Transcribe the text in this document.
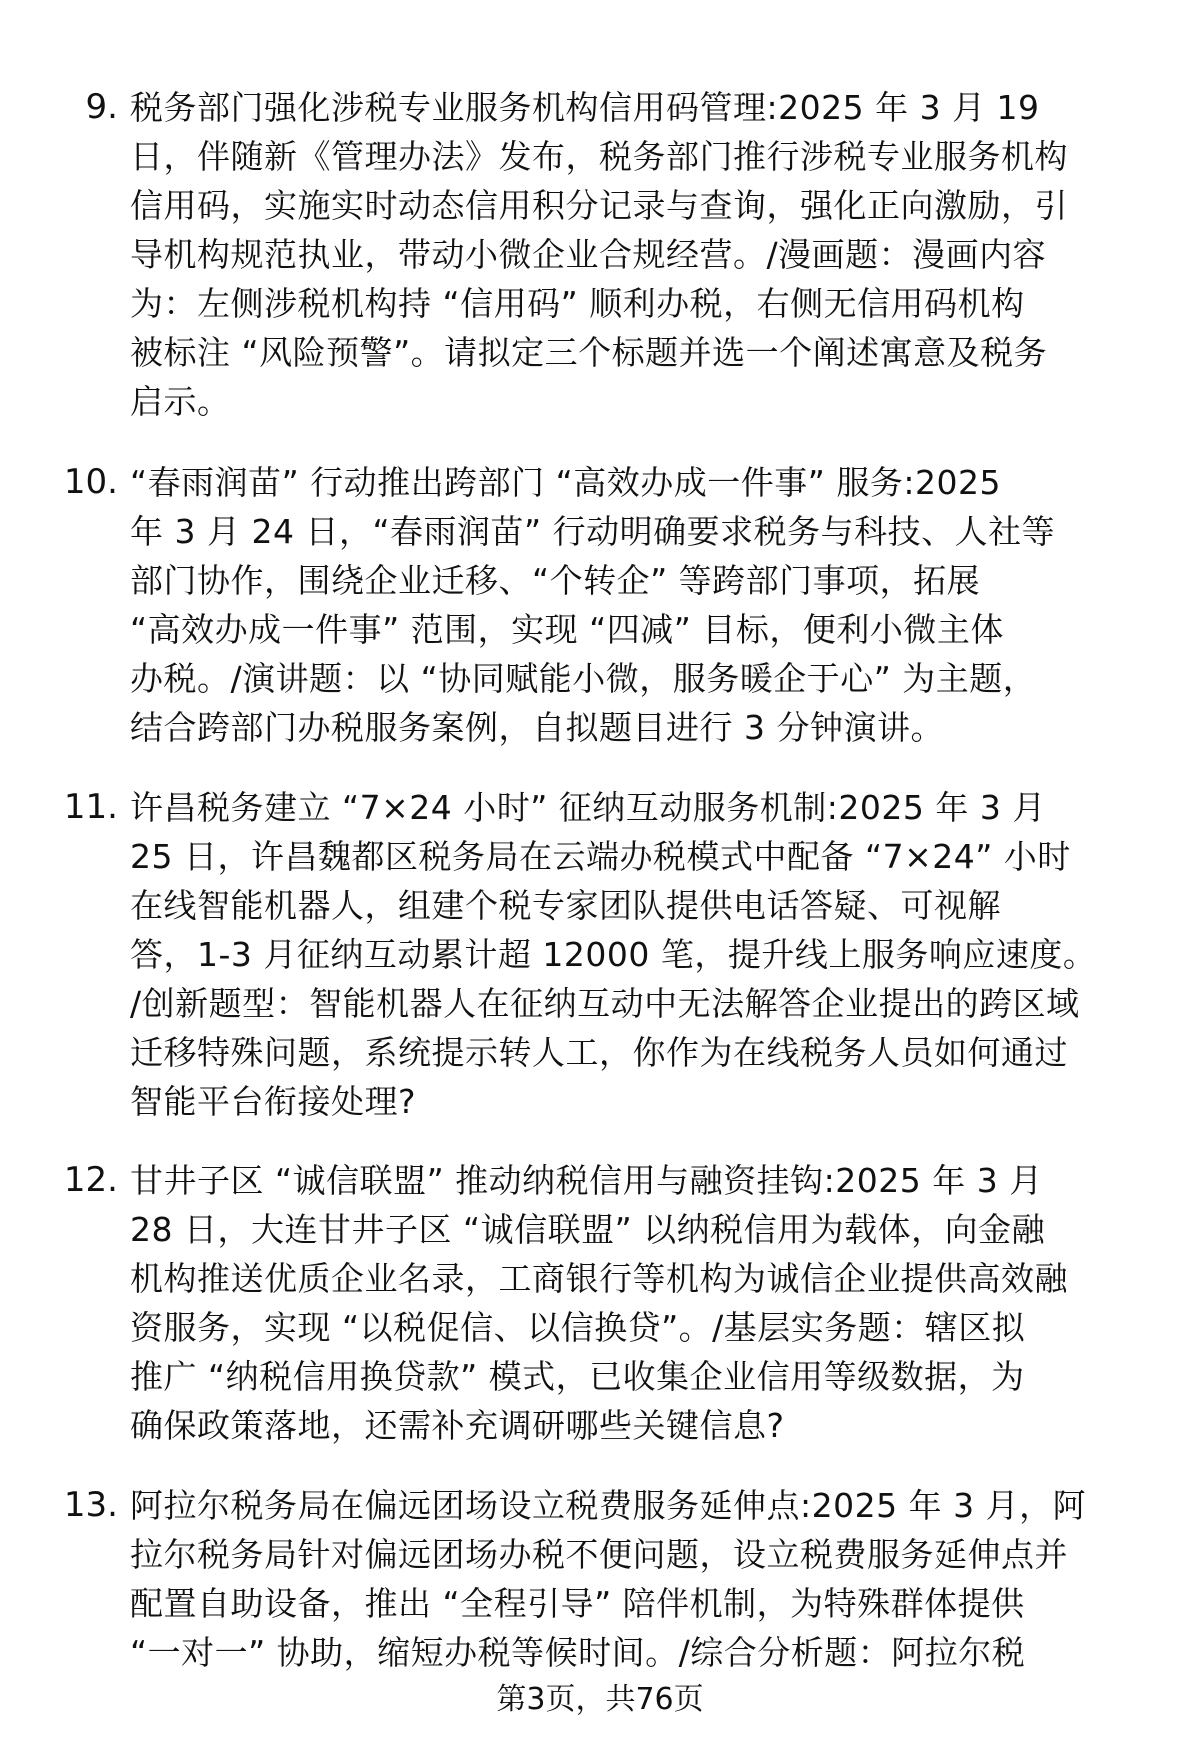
第3页，共76页
9. 税务部门强化涉税专业服务机构信用码管理:2025 年 3 月 19
日，伴随新《管理办法》发布，税务部门推行涉税专业服务机构
信用码，实施实时动态信用积分记录与查询，强化正向激励，引
导机构规范执业，带动小微企业合规经营。/漫画题：漫画内容
为：左侧涉税机构持 “信用码” 顺利办税，右侧无信用码机构
被标注 “风险预警”。请拟定三个标题并选一个阐述寓意及税务
启示。
10. “春雨润苗” 行动推出跨部门 “高效办成一件事” 服务:2025
年 3 月 24 日，“春雨润苗” 行动明确要求税务与科技、人社等
部门协作，围绕企业迁移、“个转企” 等跨部门事项，拓展
“高效办成一件事” 范围，实现 “四减” 目标，便利小微主体
办税。/演讲题：以 “协同赋能小微，服务暖企于心” 为主题，
结合跨部门办税服务案例，自拟题目进行 3 分钟演讲。
11. 许昌税务建立 “7×24 小时” 征纳互动服务机制:2025 年 3 月
25 日，许昌魏都区税务局在云端办税模式中配备 “7×24” 小时
在线智能机器人，组建个税专家团队提供电话答疑、可视解
答，1-3 月征纳互动累计超 12000 笔，提升线上服务响应速度。
/创新题型：智能机器人在征纳互动中无法解答企业提出的跨区域
迁移特殊问题，系统提示转人工，你作为在线税务人员如何通过
智能平台衔接处理?
12. 甘井子区 “诚信联盟” 推动纳税信用与融资挂钩:2025 年 3 月
28 日，大连甘井子区 “诚信联盟” 以纳税信用为载体，向金融
机构推送优质企业名录，工商银行等机构为诚信企业提供高效融
资服务，实现 “以税促信、以信换贷”。/基层实务题：辖区拟
推广 “纳税信用换贷款” 模式，已收集企业信用等级数据，为
确保政策落地，还需补充调研哪些关键信息?
13. 阿拉尔税务局在偏远团场设立税费服务延伸点:2025 年 3 月，阿
拉尔税务局针对偏远团场办税不便问题，设立税费服务延伸点并
配置自助设备，推出 “全程引导” 陪伴机制，为特殊群体提供
“一对一” 协助，缩短办税等候时间。/综合分析题：阿拉尔税
